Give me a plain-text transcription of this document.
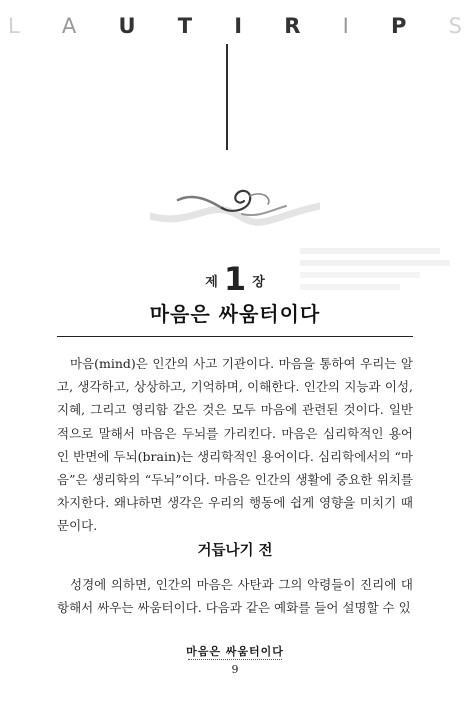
L A U T I R I P S
제 1 장
마음은 싸움터이다

마음(mind)은 인간의 사고 기관이다. 마음을 통하여 우리는 알고, 생각하고, 상상하고, 기억하며, 이해한다. 인간의 지능과 이성, 지혜, 그리고 영리함 같은 것은 모두 마음에 관련된 것이다. 일반적으로 말해서 마음은 두뇌를 가리킨다. 마음은 심리학적인 용어인 반면에 두뇌(brain)는 생리학적인 용어이다. 심리학에서의 “마음”은 생리학의 “두뇌”이다. 마음은 인간의 생활에 중요한 위치를 차지한다. 왜냐하면 생각은 우리의 행동에 쉽게 영향을 미치기 때문이다.

거듭나기 전

성경에 의하면, 인간의 마음은 사탄과 그의 악령들이 진리에 대항해서 싸우는 싸움터이다. 다음과 같은 예화를 들어 설명할 수 있

마음은 싸움터이다
9
